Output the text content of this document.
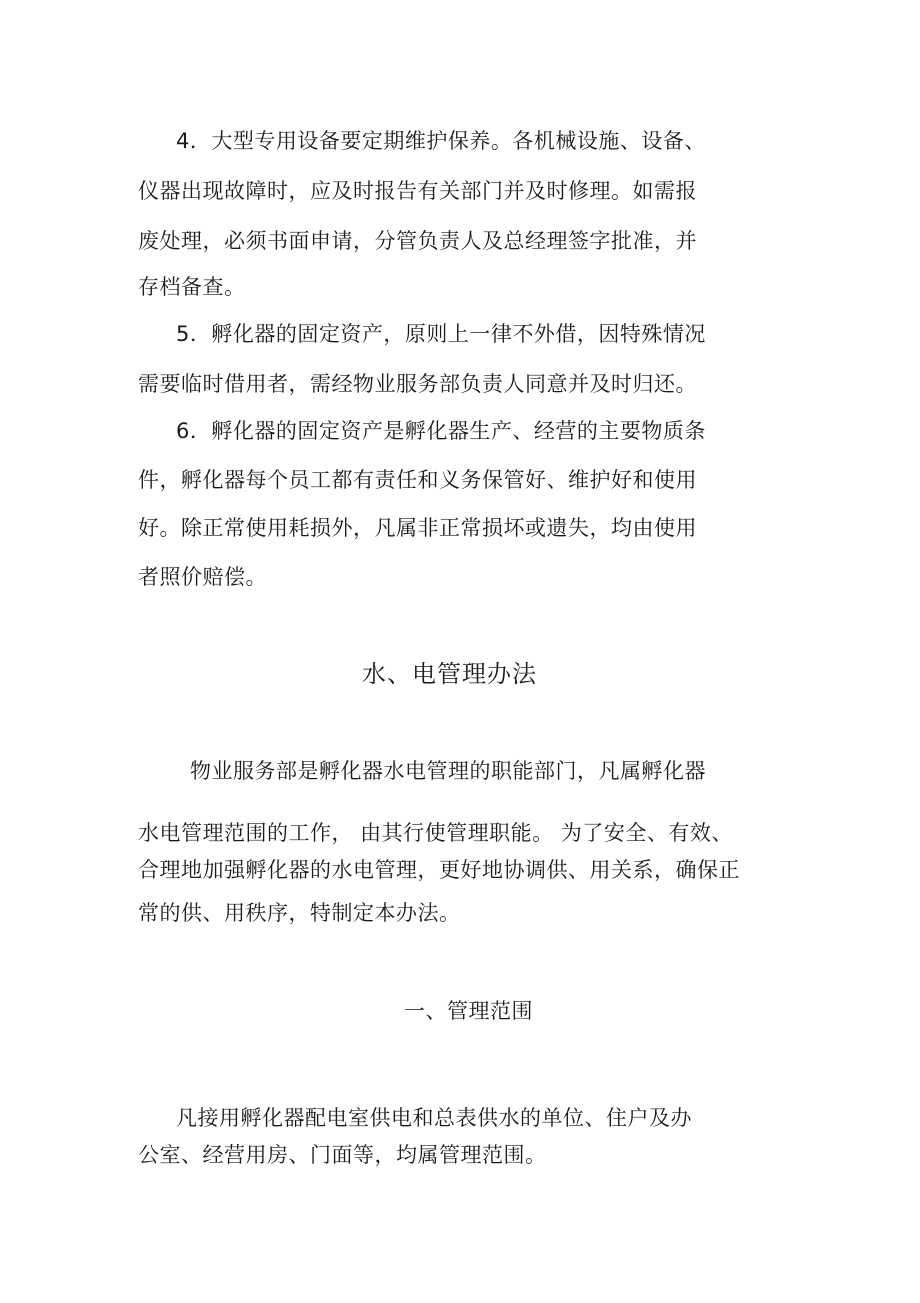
4．大型专用设备要定期维护保养。各机械设施、设备、
仪器出现故障时，应及时报告有关部门并及时修理。如需报
废处理，必须书面申请，分管负责人及总经理签字批准，并
存档备查。
5．孵化器的固定资产，原则上一律不外借，因特殊情况
需要临时借用者，需经物业服务部负责人同意并及时归还。
6．孵化器的固定资产是孵化器生产、经营的主要物质条
件，孵化器每个员工都有责任和义务保管好、维护好和使用
好。除正常使用耗损外，凡属非正常损坏或遗失，均由使用
者照价赔偿。
水、电管理办法
物业服务部是孵化器水电管理的职能部门，凡属孵化器
水电管理范围的工作， 由其行使管理职能。 为了安全、有效、
合理地加强孵化器的水电管理，更好地协调供、用关系，确保正
常的供、用秩序，特制定本办法。
一、管理范围
凡接用孵化器配电室供电和总表供水的单位、住户及办
公室、经营用房、门面等，均属管理范围。
